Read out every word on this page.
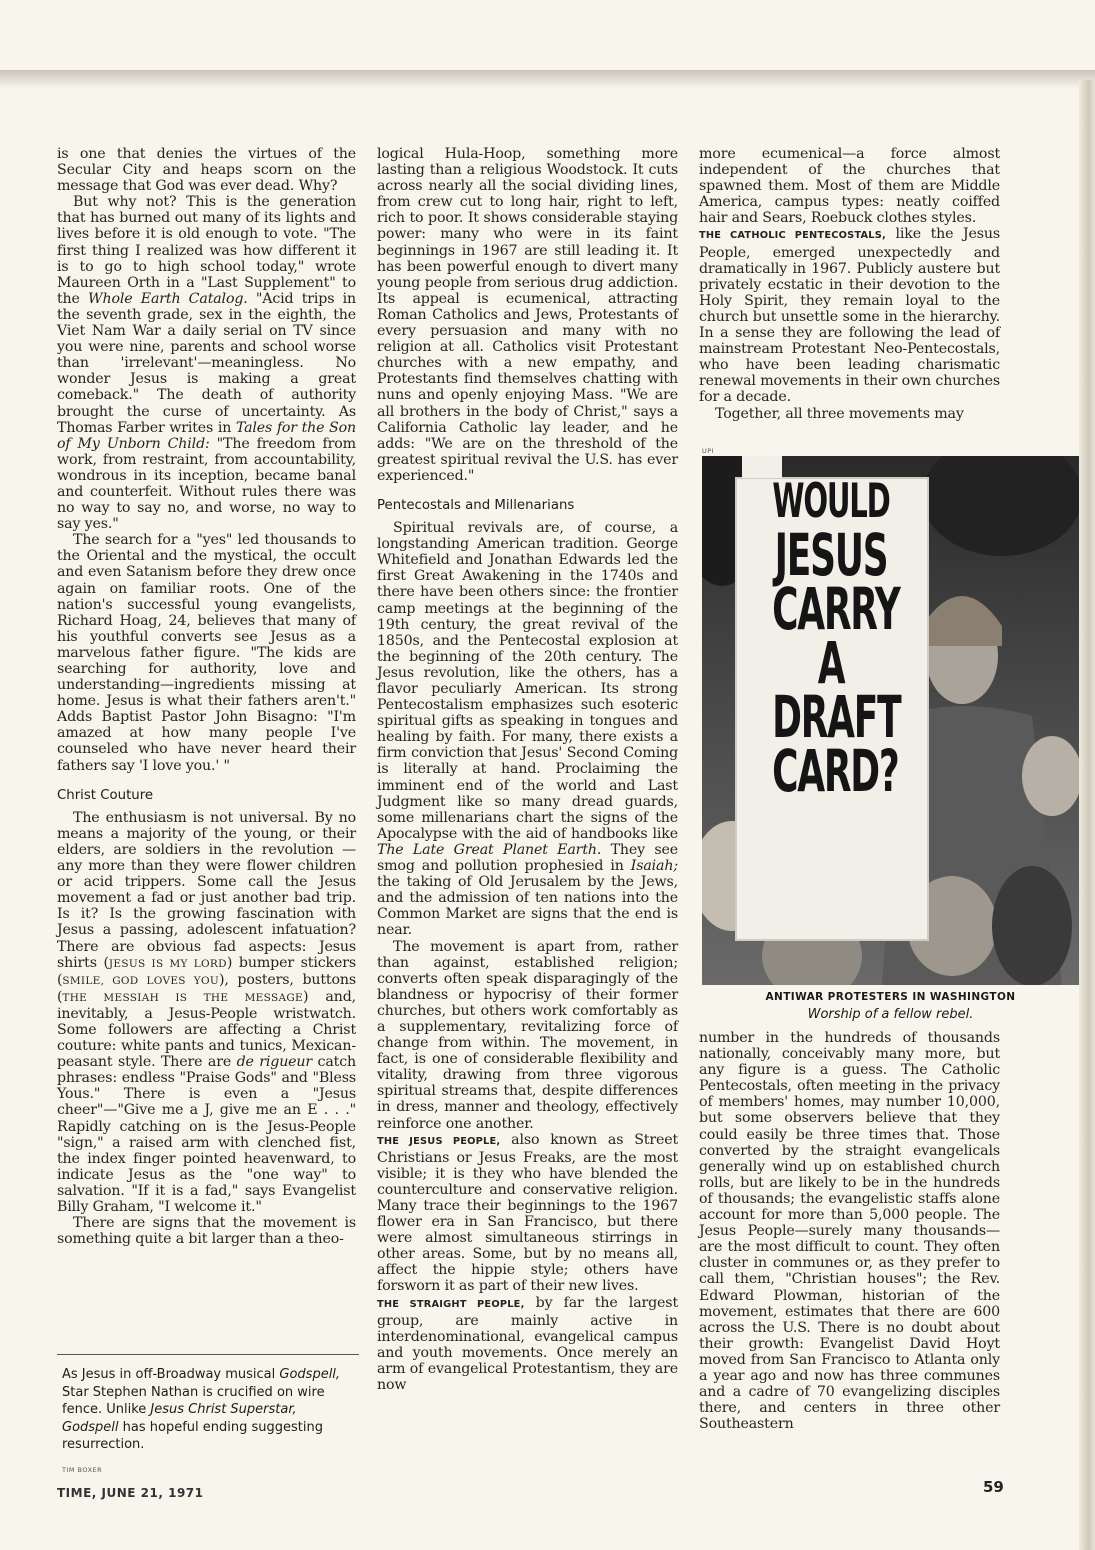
is one that denies the virtues of the Secular City and heaps scorn on the message that God was ever dead. Why?

But why not? This is the generation that has burned out many of its lights and lives before it is old enough to vote. "The first thing I realized was how different it is to go to high school today," wrote Maureen Orth in a "Last Supplement" to the Whole Earth Catalog. "Acid trips in the seventh grade, sex in the eighth, the Viet Nam War a daily serial on TV since you were nine, parents and school worse than 'irrelevant'—meaningless. No wonder Jesus is making a great comeback." The death of authority brought the curse of uncertainty. As Thomas Farber writes in Tales for the Son of My Unborn Child: "The freedom from work, from restraint, from accountability, wondrous in its inception, became banal and counterfeit. Without rules there was no way to say no, and worse, no way to say yes."

The search for a "yes" led thousands to the Oriental and the mystical, the occult and even Satanism before they drew once again on familiar roots. One of the nation's successful young evangelists, Richard Hoag, 24, believes that many of his youthful converts see Jesus as a marvelous father figure. "The kids are searching for authority, love and understanding—ingredients missing at home. Jesus is what their fathers aren't." Adds Baptist Pastor John Bisagno: "I'm amazed at how many people I've counseled who have never heard their fathers say 'I love you.' "

Christ Couture

The enthusiasm is not universal. By no means a majority of the young, or their elders, are soldiers in the revolution —any more than they were flower children or acid trippers. Some call the Jesus movement a fad or just another bad trip. Is it? Is the growing fascination with Jesus a passing, adolescent infatuation? There are obvious fad aspects: Jesus shirts (JESUS IS MY LORD) bumper stickers (SMILE, GOD LOVES YOU), posters, buttons (THE MESSIAH IS THE MESSAGE) and, inevitably, a Jesus-People wristwatch. Some followers are affecting a Christ couture: white pants and tunics, Mexican-peasant style. There are de rigueur catch phrases: endless "Praise Gods" and "Bless Yous." There is even a "Jesus cheer"—"Give me a J, give me an E . . ." Rapidly catching on is the Jesus-People "sign," a raised arm with clenched fist, the index finger pointed heavenward, to indicate Jesus as the "one way" to salvation. "If it is a fad," says Evangelist Billy Graham, "I welcome it."

There are signs that the movement is something quite a bit larger than a theo-

As Jesus in off-Broadway musical Godspell, Star Stephen Nathan is crucified on wire fence. Unlike Jesus Christ Superstar, Godspell has hopeful ending suggesting resurrection.
TIM BOXER
TIME, JUNE 21, 1971	59

logical Hula-Hoop, something more lasting than a religious Woodstock. It cuts across nearly all the social dividing lines, from crew cut to long hair, right to left, rich to poor. It shows considerable staying power: many who were in its faint beginnings in 1967 are still leading it. It has been powerful enough to divert many young people from serious drug addiction. Its appeal is ecumenical, attracting Roman Catholics and Jews, Protestants of every persuasion and many with no religion at all. Catholics visit Protestant churches with a new empathy, and Protestants find themselves chatting with nuns and openly enjoying Mass. "We are all brothers in the body of Christ," says a California Catholic lay leader, and he adds: "We are on the threshold of the greatest spiritual revival the U.S. has ever experienced."

Pentecostals and Millenarians

Spiritual revivals are, of course, a longstanding American tradition. George Whitefield and Jonathan Edwards led the first Great Awakening in the 1740s and there have been others since: the frontier camp meetings at the beginning of the 19th century, the great revival of the 1850s, and the Pentecostal explosion at the beginning of the 20th century. The Jesus revolution, like the others, has a flavor peculiarly American. Its strong Pentecostalism emphasizes such esoteric spiritual gifts as speaking in tongues and healing by faith. For many, there exists a firm conviction that Jesus' Second Coming is literally at hand. Proclaiming the imminent end of the world and Last Judgment like so many dread guards, some millenarians chart the signs of the Apocalypse with the aid of handbooks like The Late Great Planet Earth. They see smog and pollution prophesied in Isaiah; the taking of Old Jerusalem by the Jews, and the admission of ten nations into the Common Market are signs that the end is near.

The movement is apart from, rather than against, established religion; converts often speak disparagingly of the blandness or hypocrisy of their former churches, but others work comfortably as a supplementary, revitalizing force of change from within. The movement, in fact, is one of considerable flexibility and vitality, drawing from three vigorous spiritual streams that, despite differences in dress, manner and theology, effectively reinforce one another.

THE JESUS PEOPLE, also known as Street Christians or Jesus Freaks, are the most visible; it is they who have blended the counterculture and conservative religion. Many trace their beginnings to the 1967 flower era in San Francisco, but there were almost simultaneous stirrings in other areas. Some, but by no means all, affect the hippie style; others have forsworn it as part of their new lives.

THE STRAIGHT PEOPLE, by far the largest group, are mainly active in interdenominational, evangelical campus and youth movements. Once merely an arm of evangelical Protestantism, they are now

more ecumenical—a force almost independent of the churches that spawned them. Most of them are Middle America, campus types: neatly coiffed hair and Sears, Roebuck clothes styles.

THE CATHOLIC PENTECOSTALS, like the Jesus People, emerged unexpectedly and dramatically in 1967. Publicly austere but privately ecstatic in their devotion to the Holy Spirit, they remain loyal to the church but unsettle some in the hierarchy. In a sense they are following the lead of mainstream Protestant Neo-Pentecostals, who have been leading charismatic renewal movements in their own churches for a decade.

Together, all three movements may

UPI
WOULD
JESUS
CARRY
A
DRAFT
CARD?
ANTIWAR PROTESTERS IN WASHINGTON
Worship of a fellow rebel.

number in the hundreds of thousands nationally, conceivably many more, but any figure is a guess. The Catholic Pentecostals, often meeting in the privacy of members' homes, may number 10,000, but some observers believe that they could easily be three times that. Those converted by the straight evangelicals generally wind up on established church rolls, but are likely to be in the hundreds of thousands; the evangelistic staffs alone account for more than 5,000 people. The Jesus People—surely many thousands—are the most difficult to count. They often cluster in communes or, as they prefer to call them, "Christian houses"; the Rev. Edward Plowman, historian of the movement, estimates that there are 600 across the U.S. There is no doubt about their growth: Evangelist David Hoyt moved from San Francisco to Atlanta only a year ago and now has three communes and a cadre of 70 evangelizing disciples there, and centers in three other Southeastern
